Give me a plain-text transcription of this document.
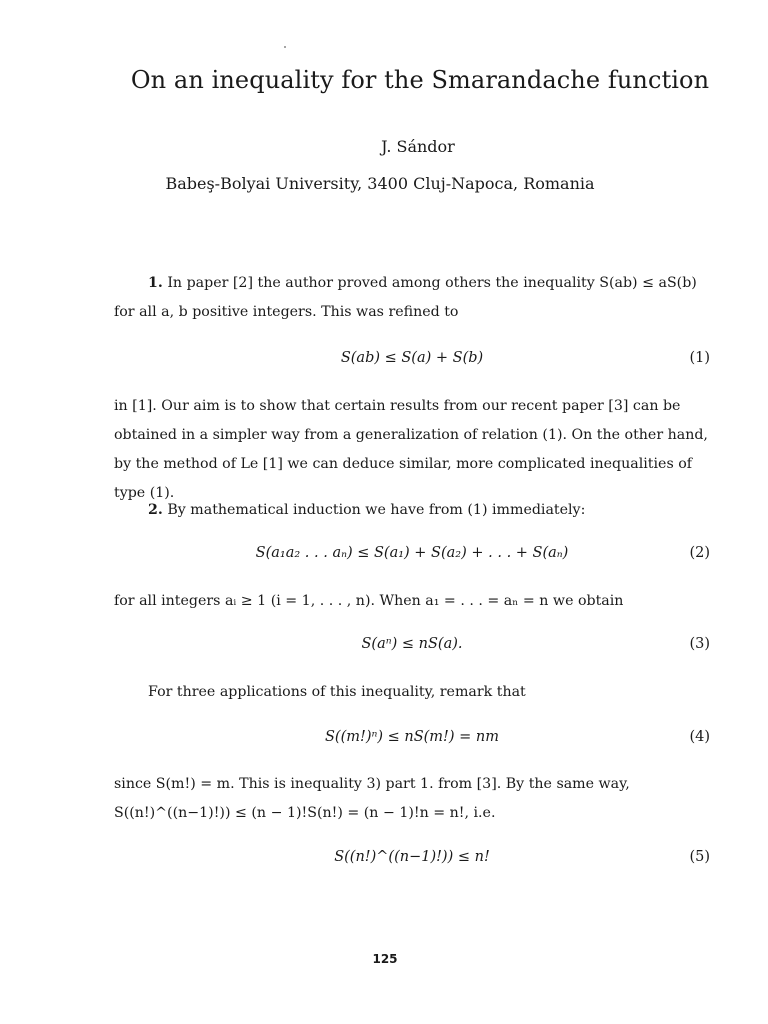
On an inequality for the Smarandache function
J. Sándor
Babeş-Bolyai University, 3400 Cluj-Napoca, Romania
1. In paper [2] the author proved among others the inequality S(ab) ≤ aS(b) for all a, b positive integers. This was refined to
S(ab) ≤ S(a) + S(b)	(1)
in [1]. Our aim is to show that certain results from our recent paper [3] can be obtained in a simpler way from a generalization of relation (1). On the other hand, by the method of Le [1] we can deduce similar, more complicated inequalities of type (1).
2. By mathematical induction we have from (1) immediately:
S(a₁a₂ . . . aₙ) ≤ S(a₁) + S(a₂) + . . . + S(aₙ)	(2)
for all integers aᵢ ≥ 1 (i = 1, . . . , n). When a₁ = . . . = aₙ = n we obtain
S(aⁿ) ≤ nS(a).	(3)
For three applications of this inequality, remark that
S((m!)ⁿ) ≤ nS(m!) = nm	(4)
since S(m!) = m. This is inequality 3) part 1. from [3]. By the same way, S((n!)^((n−1)!)) ≤ (n − 1)!S(n!) = (n − 1)!n = n!, i.e.
S((n!)^((n−1)!)) ≤ n!	(5)
125
